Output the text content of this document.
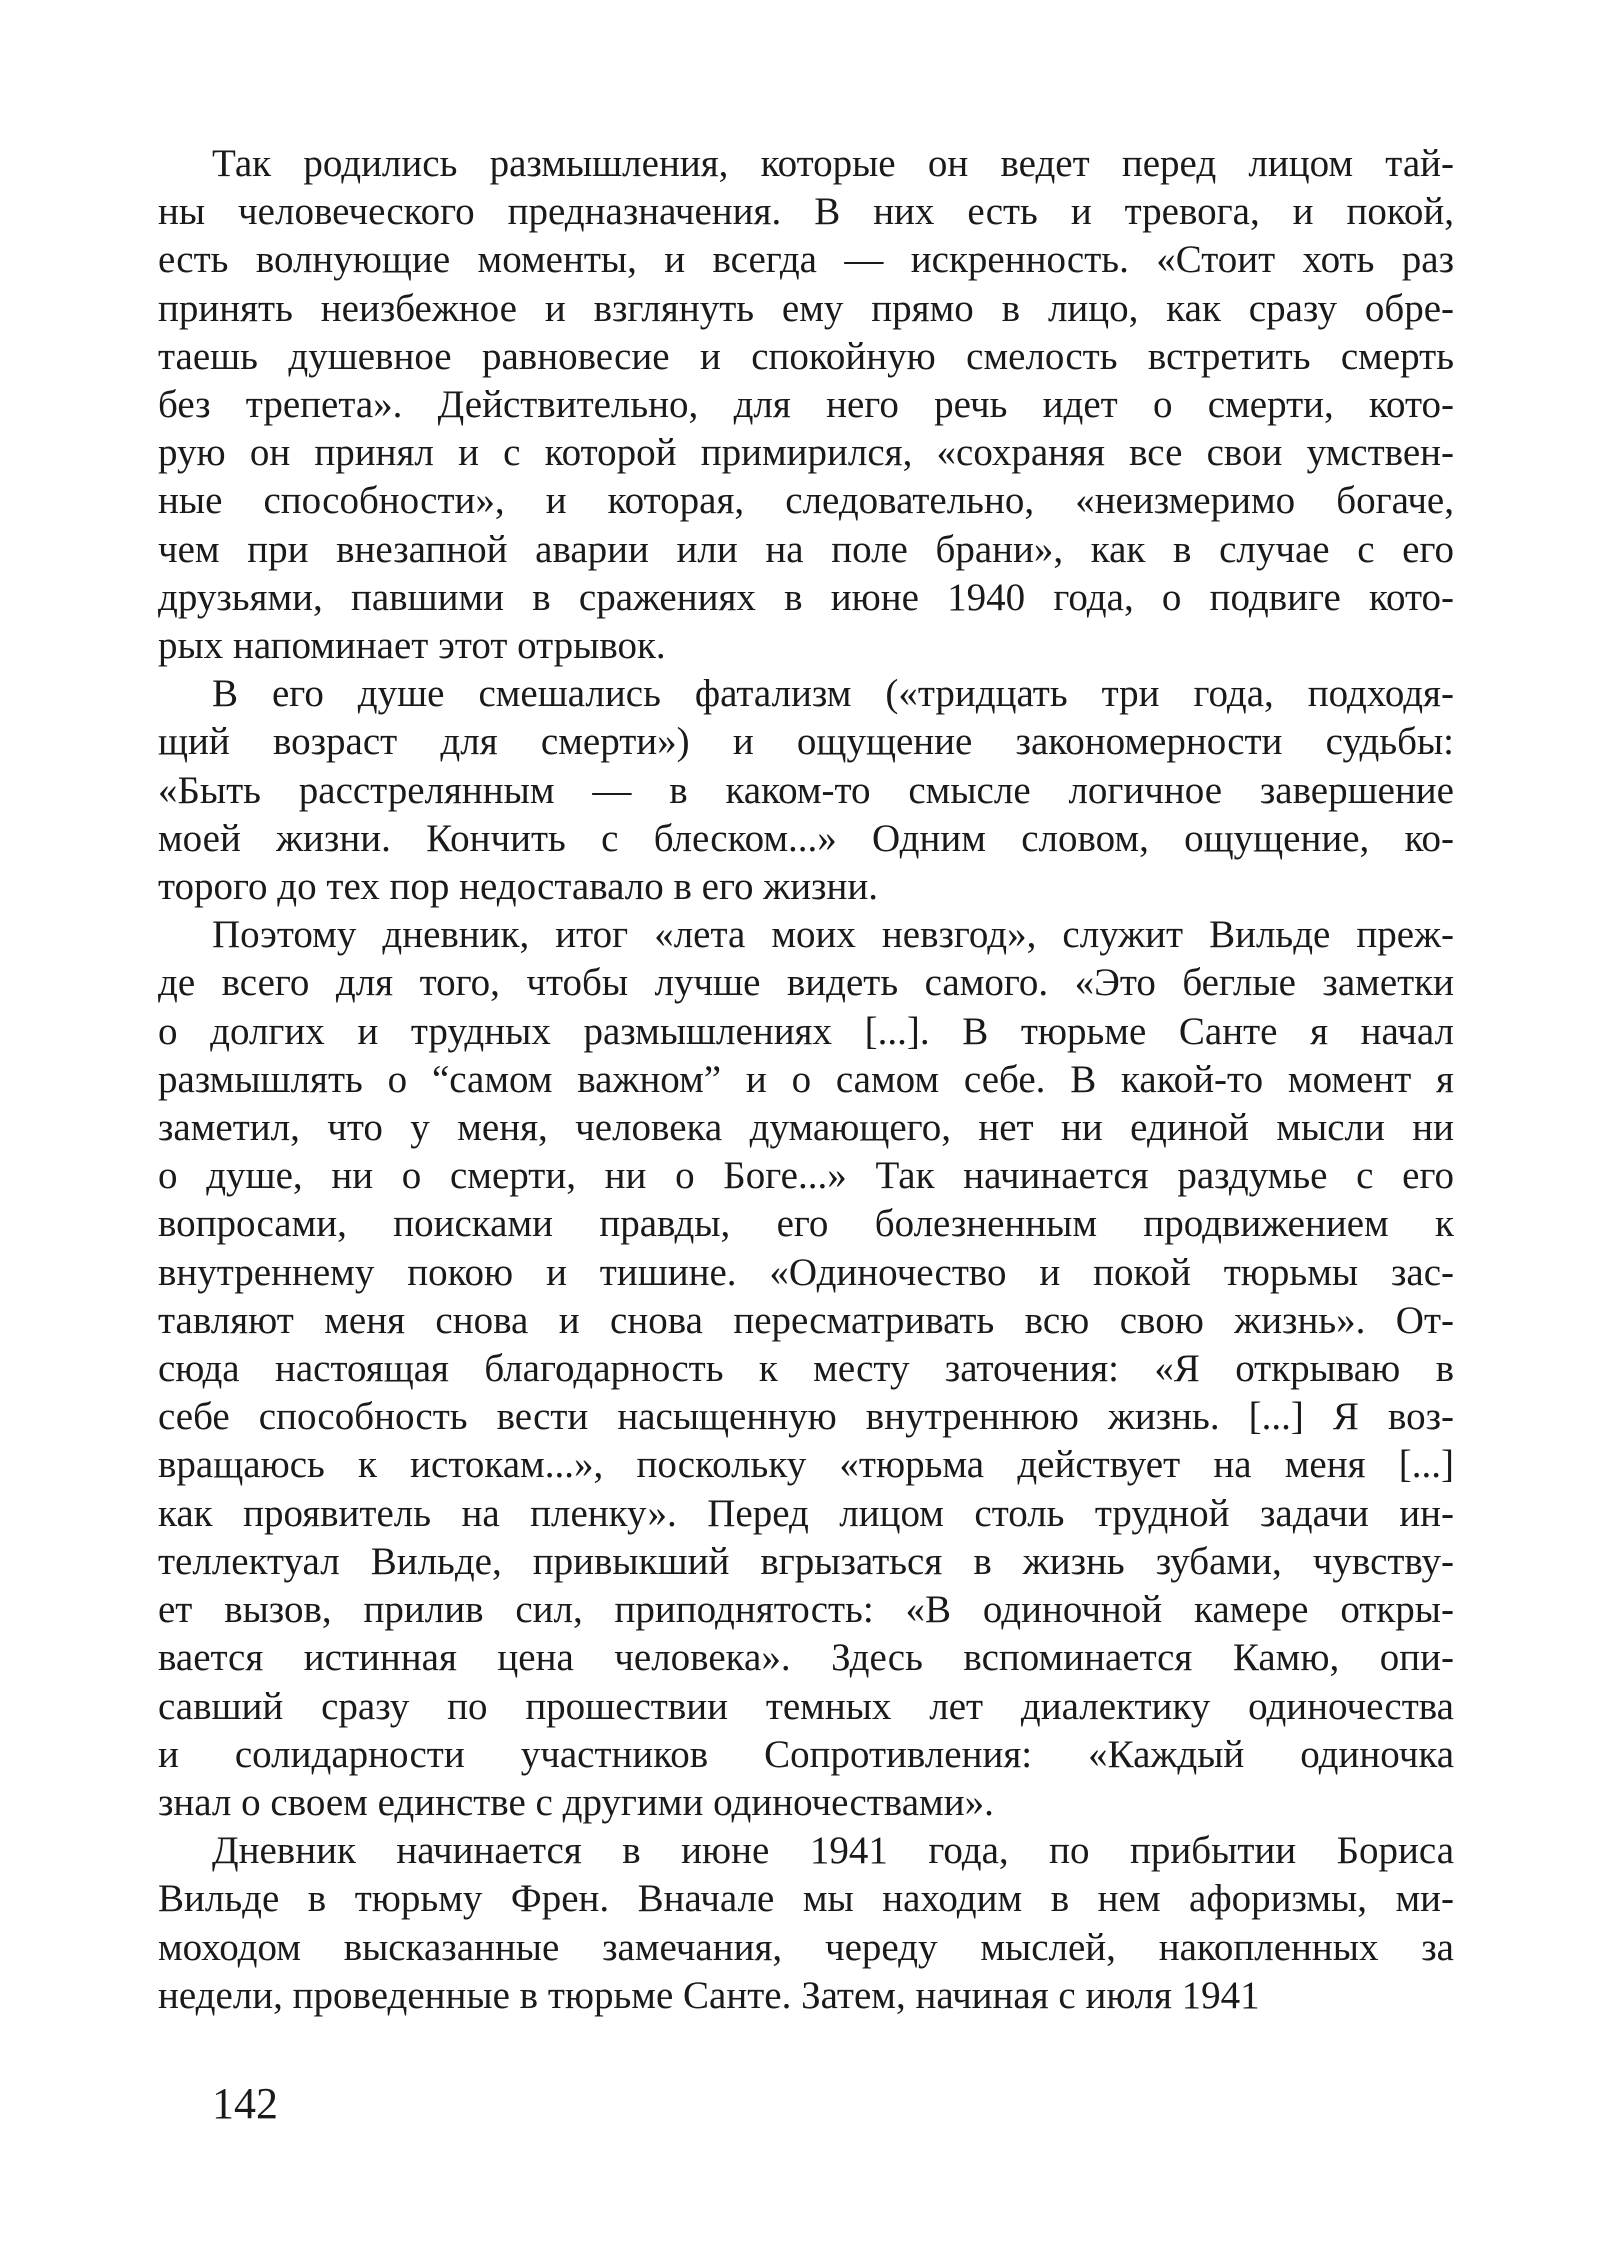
Так родились размышления, которые он ведет перед лицом тай-
ны человеческого предназначения. В них есть и тревога, и покой,
есть волнующие моменты, и всегда — искренность. «Стоит хоть раз
принять неизбежное и взглянуть ему прямо в лицо, как сразу обре-
таешь душевное равновесие и спокойную смелость встретить смерть
без трепета». Действительно, для него речь идет о смерти, кото-
рую он принял и с которой примирился, «сохраняя все свои умствен-
ные способности», и которая, следовательно, «неизмеримо богаче,
чем при внезапной аварии или на поле брани», как в случае с его
друзьями, павшими в сражениях в июне 1940 года, о подвиге кото-
рых напоминает этот отрывок.
В его душе смешались фатализм («тридцать три года, подходя-
щий возраст для смерти») и ощущение закономерности судьбы:
«Быть расстрелянным — в каком-то смысле логичное завершение
моей жизни. Кончить с блеском...» Одним словом, ощущение, ко-
торого до тех пор недоставало в его жизни.
Поэтому дневник, итог «лета моих невзгод», служит Вильде преж-
де всего для того, чтобы лучше видеть самого. «Это беглые заметки
о долгих и трудных размышлениях [...]. В тюрьме Санте я начал
размышлять о “самом важном” и о самом себе. В какой-то момент я
заметил, что у меня, человека думающего, нет ни единой мысли ни
о душе, ни о смерти, ни о Боге...» Так начинается раздумье с его
вопросами, поисками правды, его болезненным продвижением к
внутреннему покою и тишине. «Одиночество и покой тюрьмы зас-
тавляют меня снова и снова пересматривать всю свою жизнь». От-
сюда настоящая благодарность к месту заточения: «Я открываю в
себе способность вести насыщенную внутреннюю жизнь. [...] Я воз-
вращаюсь к истокам...», поскольку «тюрьма действует на меня [...]
как проявитель на пленку». Перед лицом столь трудной задачи ин-
теллектуал Вильде, привыкший вгрызаться в жизнь зубами, чувству-
ет вызов, прилив сил, приподнятость: «В одиночной камере откры-
вается истинная цена человека». Здесь вспоминается Камю, опи-
савший сразу по прошествии темных лет диалектику одиночества
и солидарности участников Сопротивления: «Каждый одиночка
знал о своем единстве с другими одиночествами».
Дневник начинается в июне 1941 года, по прибытии Бориса
Вильде в тюрьму Френ. Вначале мы находим в нем афоризмы, ми-
моходом высказанные замечания, череду мыслей, накопленных за
недели, проведенные в тюрьме Санте. Затем, начиная с июля 1941
142
